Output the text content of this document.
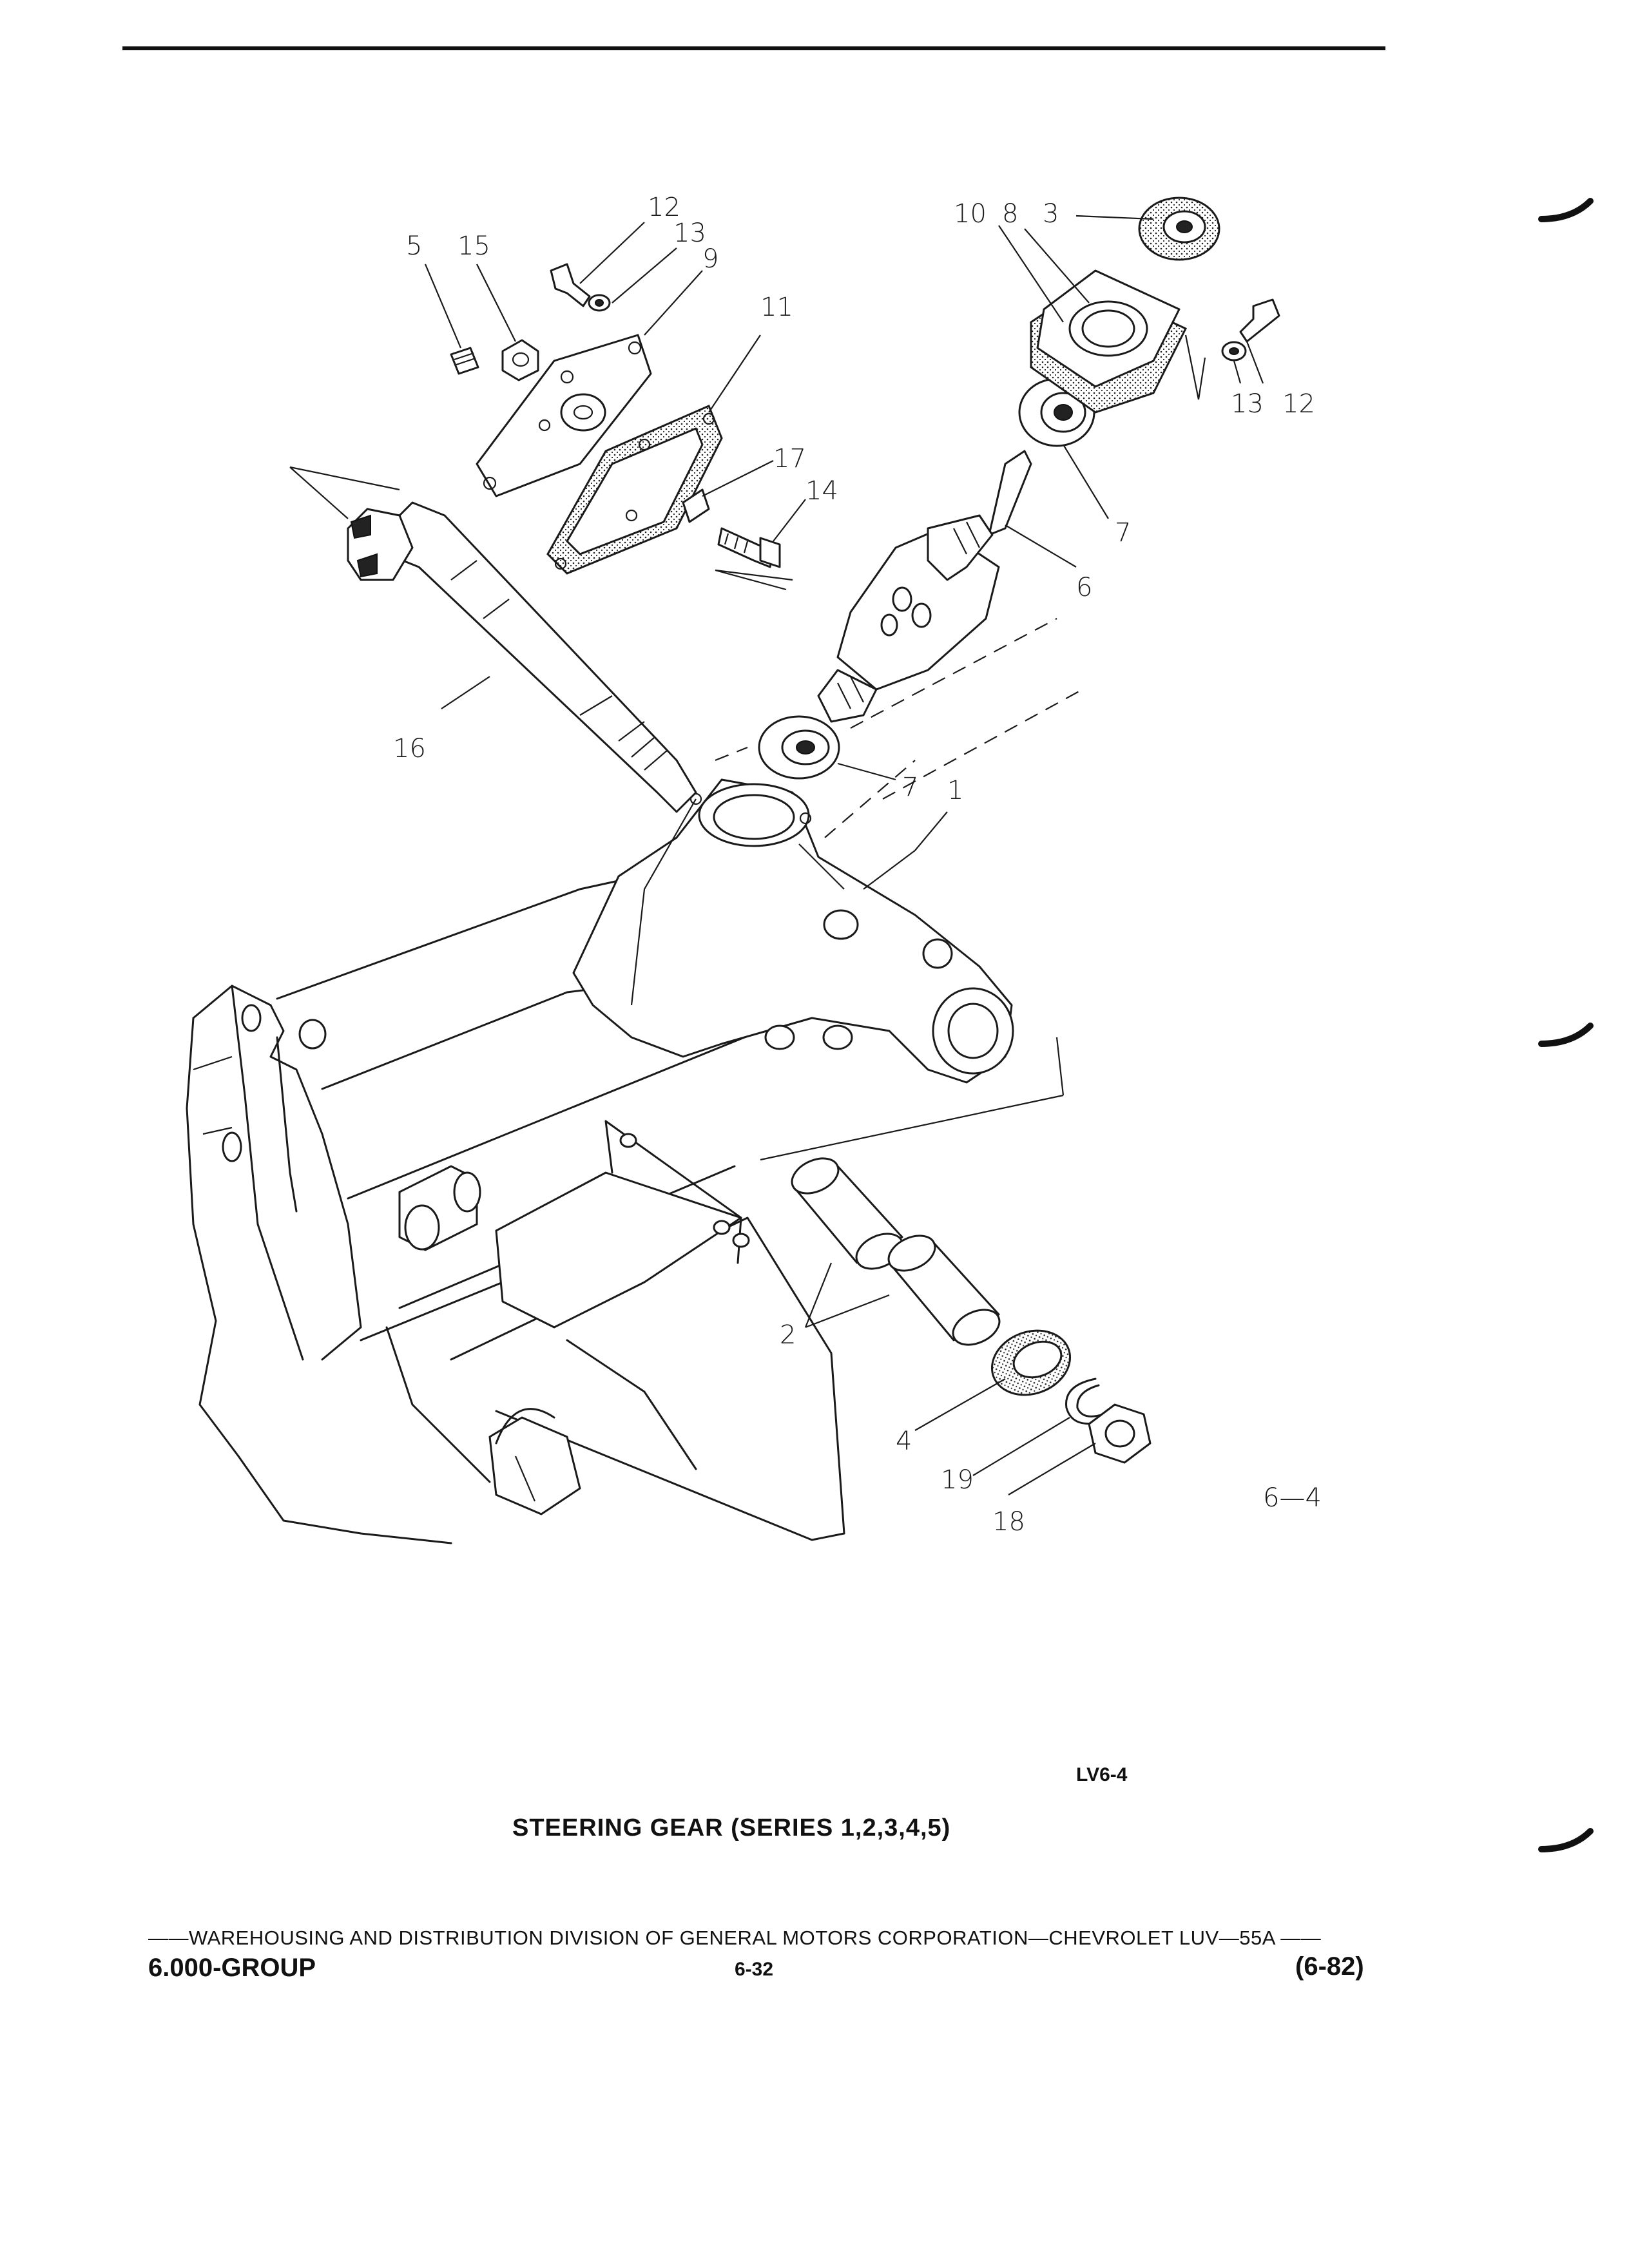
12
5 15	13
9
11
10 8 3
13 12
17
14
7
6
16
7 1
2
4
19
18
6—4
LV6-4
STEERING GEAR (SERIES 1,2,3,4,5)
——WAREHOUSING AND DISTRIBUTION DIVISION OF GENERAL MOTORS CORPORATION—CHEVROLET LUV—55A ——
6.000-GROUP	6-32	(6-82)
